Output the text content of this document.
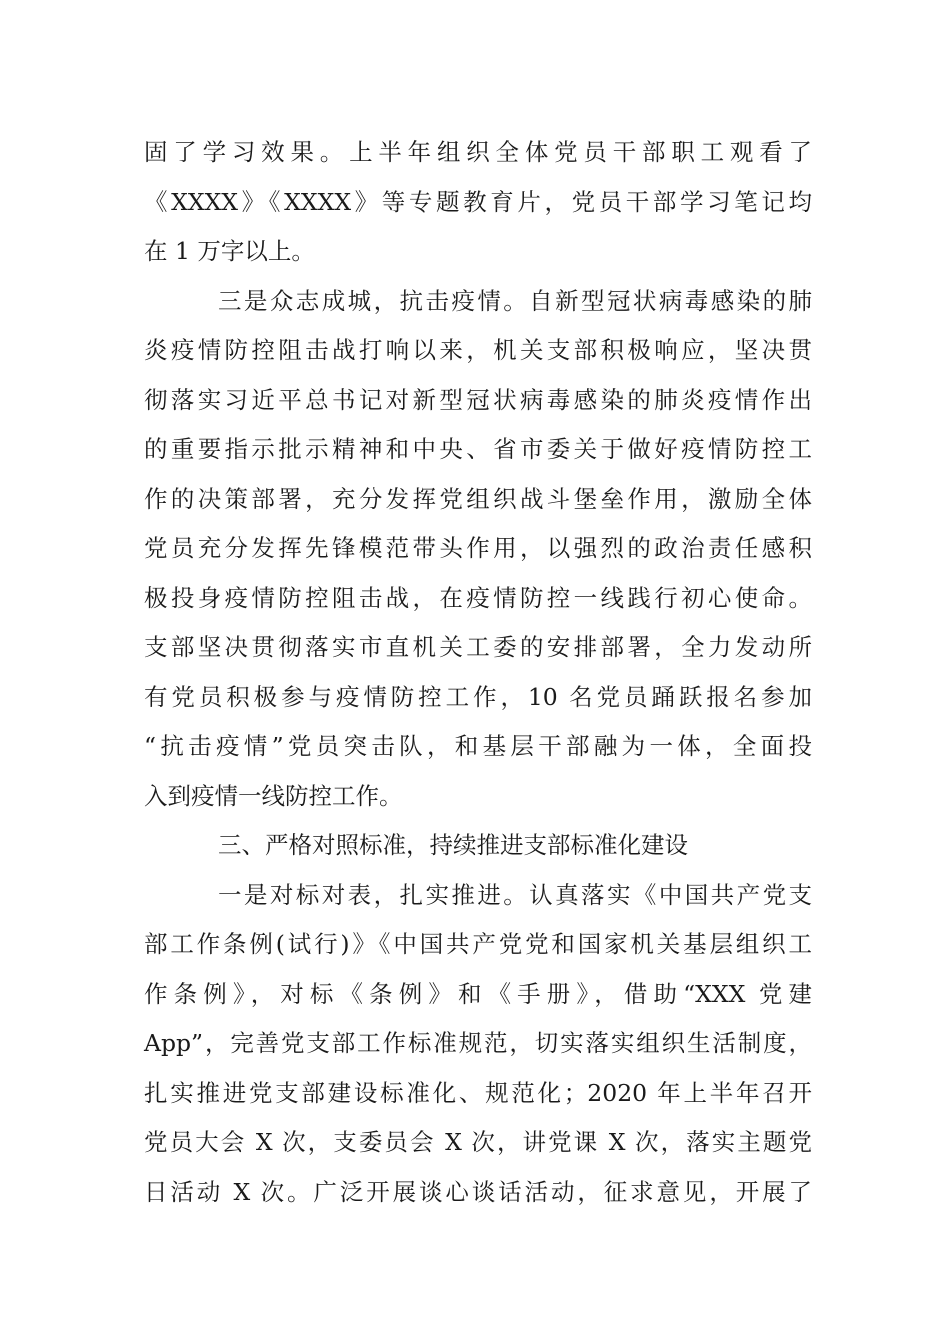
固了学习效果。上半年组织全体党员干部职工观看了
《XXXX》《XXXX》等专题教育片，党员干部学习笔记均
在 1 万字以上。
三是众志成城，抗击疫情。自新型冠状病毒感染的肺
炎疫情防控阻击战打响以来，机关支部积极响应，坚决贯
彻落实习近平总书记对新型冠状病毒感染的肺炎疫情作出
的重要指示批示精神和中央、省市委关于做好疫情防控工
作的决策部署，充分发挥党组织战斗堡垒作用，激励全体
党员充分发挥先锋模范带头作用，以强烈的政治责任感积
极投身疫情防控阻击战，在疫情防控一线践行初心使命。
支部坚决贯彻落实市直机关工委的安排部署，全力发动所
有党员积极参与疫情防控工作，10 名党员踊跃报名参加
“抗击疫情”党员突击队，和基层干部融为一体，全面投
入到疫情一线防控工作。
三、严格对照标准，持续推进支部标准化建设
一是对标对表，扎实推进。认真落实《中国共产党支
部工作条例(试行)》《中国共产党党和国家机关基层组织工
作条例》，对标《条例》和《手册》，借助“XXX 党建
App”，完善党支部工作标准规范，切实落实组织生活制度，
扎实推进党支部建设标准化、规范化；2020 年上半年召开
党员大会 X 次，支委员会 X 次，讲党课 X 次，落实主题党
日活动 X 次。广泛开展谈心谈话活动，征求意见，开展了
